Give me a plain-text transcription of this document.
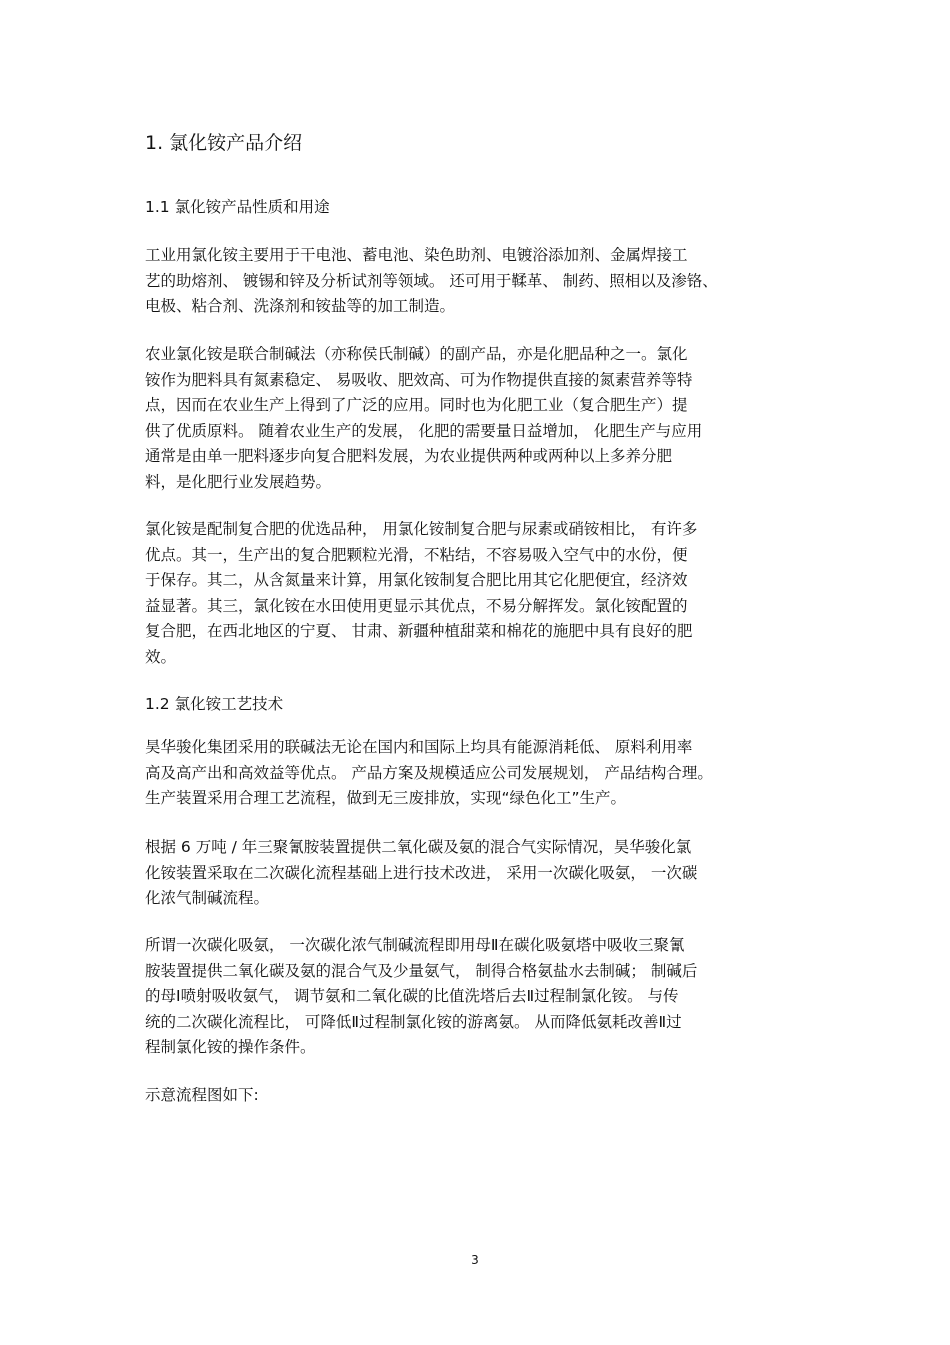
1. 氯化铵产品介绍
1.1 氯化铵产品性质和用途
工业用氯化铵主要用于干电池、蓄电池、染色助剂、电镀浴添加剂、金属焊接工
艺的助熔剂、 镀锡和锌及分析试剂等领域。 还可用于鞣革、 制药、照相以及渗铬、
电极、粘合剂、洗涤剂和铵盐等的加工制造。
农业氯化铵是联合制碱法（亦称侯氏制碱）的副产品，亦是化肥品种之一。氯化
铵作为肥料具有氮素稳定、 易吸收、肥效高、可为作物提供直接的氮素营养等特
点，因而在农业生产上得到了广泛的应用。同时也为化肥工业（复合肥生产）提
供了优质原料。 随着农业生产的发展， 化肥的需要量日益增加， 化肥生产与应用
通常是由单一肥料逐步向复合肥料发展，为农业提供两种或两种以上多养分肥
料，是化肥行业发展趋势。
氯化铵是配制复合肥的优选品种， 用氯化铵制复合肥与尿素或硝铵相比， 有许多
优点。其一，生产出的复合肥颗粒光滑，不粘结，不容易吸入空气中的水份，便
于保存。其二，从含氮量来计算，用氯化铵制复合肥比用其它化肥便宜，经济效
益显著。其三，氯化铵在水田使用更显示其优点，不易分解挥发。氯化铵配置的
复合肥，在西北地区的宁夏、 甘肃、新疆种植甜菜和棉花的施肥中具有良好的肥
效。
1.2 氯化铵工艺技术
昊华骏化集团采用的联碱法无论在国内和国际上均具有能源消耗低、 原料利用率
高及高产出和高效益等优点。 产品方案及规模适应公司发展规划， 产品结构合理。
生产装置采用合理工艺流程，做到无三废排放，实现“绿色化工”生产。
根据 6 万吨 / 年三聚氰胺装置提供二氧化碳及氨的混合气实际情况，昊华骏化氯
化铵装置采取在二次碳化流程基础上进行技术改进， 采用一次碳化吸氨， 一次碳
化浓气制碱流程。
所谓一次碳化吸氨， 一次碳化浓气制碱流程即用母Ⅱ在碳化吸氨塔中吸收三聚氰
胺装置提供二氧化碳及氨的混合气及少量氨气， 制得合格氨盐水去制碱； 制碱后
的母Ⅰ喷射吸收氨气， 调节氨和二氧化碳的比值洗塔后去Ⅱ过程制氯化铵。 与传
统的二次碳化流程比， 可降低Ⅱ过程制氯化铵的游离氨。 从而降低氨耗改善Ⅱ过
程制氯化铵的操作条件。
示意流程图如下:
3
